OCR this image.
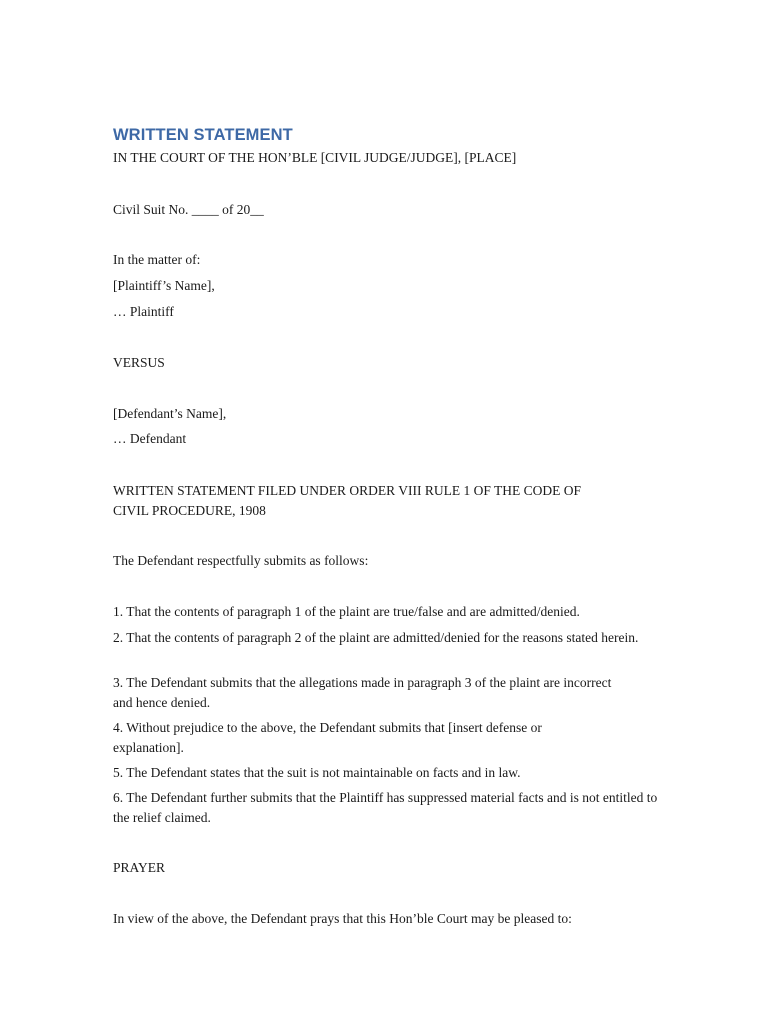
WRITTEN STATEMENT
IN THE COURT OF THE HON’BLE [CIVIL JUDGE/JUDGE], [PLACE]
Civil Suit No. ____ of 20__
In the matter of:
[Plaintiff’s Name],
… Plaintiff
VERSUS
[Defendant’s Name],
… Defendant
WRITTEN STATEMENT FILED UNDER ORDER VIII RULE 1 OF THE CODE OF CIVIL PROCEDURE, 1908
The Defendant respectfully submits as follows:
1. That the contents of paragraph 1 of the plaint are true/false and are admitted/denied.
2. That the contents of paragraph 2 of the plaint are admitted/denied for the reasons stated herein.
3. The Defendant submits that the allegations made in paragraph 3 of the plaint are incorrect and hence denied.
4. Without prejudice to the above, the Defendant submits that [insert defense or explanation].
5. The Defendant states that the suit is not maintainable on facts and in law.
6. The Defendant further submits that the Plaintiff has suppressed material facts and is not entitled to the relief claimed.
PRAYER
In view of the above, the Defendant prays that this Hon’ble Court may be pleased to:
